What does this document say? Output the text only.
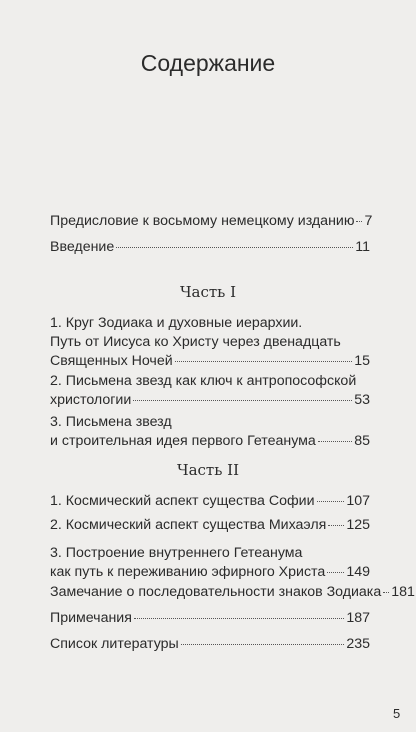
Содержание
Предисловие к восьмому немецкому изданию 7
Введение	11
Часть I
1. Круг Зодиака и духовные иерархии.
Путь от Иисуса ко Христу через двенадцать
Священных Ночей	15
2. Письмена звезд как ключ к антропософской
христологии	53
3. Письмена звезд
и строительная идея первого Гетеанума	85
Часть II
1. Космический аспект существа Софии 107
2. Космический аспект существа Михаэля 125
3. Построение внутреннего Гетеанума
как путь к переживанию эфирного Христа 149
Замечание о последовательности знаков Зодиака 181
Примечания	187
Список литературы	235
5
